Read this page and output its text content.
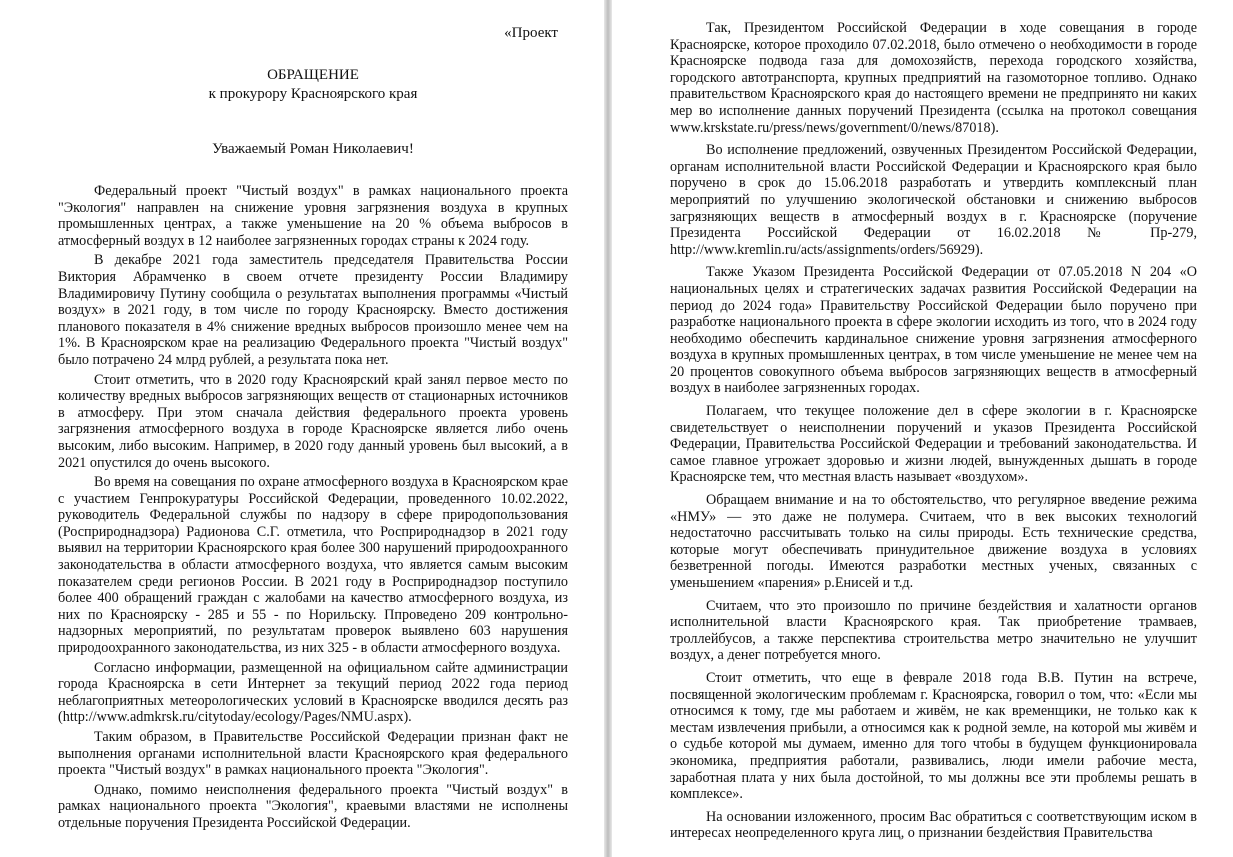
«Проект

ОБРАЩЕНИЕ

к прокурору Красноярского края

Уважаемый Роман Николаевич!

Федеральный проект "Чистый воздух" в рамках национального проекта "Экология" направлен на снижение уровня загрязнения воздуха в крупных промышленных центрах, а также уменьшение на 20 % объема выбросов в атмосферный воздух в 12 наиболее загрязненных городах страны к 2024 году.

В декабре 2021 года заместитель председателя Правительства России Виктория Абрамченко в своем отчете президенту России Владимиру Владимировичу Путину сообщила о результатах выполнения программы «Чистый воздух» в 2021 году, в том числе по городу Красноярску. Вместо достижения планового показателя в 4% снижение вредных выбросов произошло менее чем на 1%. В Красноярском крае на реализацию Федерального проекта "Чистый воздух" было потрачено 24 млрд рублей, а результата пока нет.

Стоит отметить, что в 2020 году Красноярский край занял первое место по количеству вредных выбросов загрязняющих веществ от стационарных источников в атмосферу. При этом сначала действия федерального проекта уровень загрязнения атмосферного воздуха в городе Красноярске является либо очень высоким, либо высоким. Например, в 2020 году данный уровень был высокий, а в 2021 опустился до очень высокого.

Во время на совещания по охране атмосферного воздуха в Красноярском крае с участием Генпрокуратуры Российской Федерации, проведенного 10.02.2022, руководитель Федеральной службы по надзору в сфере природопользования (Росприроднадзора) Радионова С.Г. отметила, что Росприроднадзор в 2021 году выявил на территории Красноярского края более 300 нарушений природоохранного законодательства в области атмосферного воздуха, что является самым высоким показателем среди регионов России. В 2021 году в Росприроднадзор поступило более 400 обращений граждан с жалобами на качество атмосферного воздуха, из них по Красноярску - 285 и 55 - по Норильску. Ппроведено 209 контрольно-надзорных мероприятий, по результатам проверок выявлено 603 нарушения природоохранного законодательства, из них 325 - в области атмосферного воздуха.

Согласно информации, размещенной на официальном сайте администрации города Красноярска в сети Интернет за текущий период 2022 года период неблагоприятных метеорологических условий в Красноярске вводился десять раз (http://www.admkrsk.ru/citytoday/ecology/Pages/NMU.aspx).

Таким образом, в Правительстве Российской Федерации признан факт не выполнения органами исполнительной власти Красноярского края федерального проекта "Чистый воздух" в рамках национального проекта "Экология".

Однако, помимо неисполнения федерального проекта "Чистый воздух" в рамках национального проекта "Экология", краевыми властями не исполнены отдельные поручения Президента Российской Федерации.

Так, Президентом Российской Федерации в ходе совещания в городе Красноярске, которое проходило 07.02.2018, было отмечено о необходимости в городе Красноярске подвода газа для домохозяйств, перехода городского хозяйства, городского автотранспорта, крупных предприятий на газомоторное топливо. Однако правительством Красноярского края до настоящего времени не предпринято ни каких мер во исполнение данных поручений Президента (ссылка на протокол совещания www.krskstate.ru/press/news/government/0/news/87018).

Во исполнение предложений, озвученных Президентом Российской Федерации, органам исполнительной власти Российской Федерации и Красноярского края было поручено в срок до 15.06.2018 разработать и утвердить комплексный план мероприятий по улучшению экологической обстановки и снижению выбросов загрязняющих веществ в атмосферный воздух в г. Красноярске (поручение Президента Российской Федерации от 16.02.2018 № Пр-279, http://www.kremlin.ru/acts/assignments/orders/56929).

Также Указом Президента Российской Федерации от 07.05.2018 N 204 «О национальных целях и стратегических задачах развития Российской Федерации на период до 2024 года» Правительству Российской Федерации было поручено при разработке национального проекта в сфере экологии исходить из того, что в 2024 году необходимо обеспечить кардинальное снижение уровня загрязнения атмосферного воздуха в крупных промышленных центрах, в том числе уменьшение не менее чем на 20 процентов совокупного объема выбросов загрязняющих веществ в атмосферный воздух в наиболее загрязненных городах.

Полагаем, что текущее положение дел в сфере экологии в г. Красноярске свидетельствует о неисполнении поручений и указов Президента Российской Федерации, Правительства Российской Федерации и требований законодательства. И самое главное угрожает здоровью и жизни людей, вынужденных дышать в городе Красноярске тем, что местная власть называет «воздухом».

Обращаем внимание и на то обстоятельство, что регулярное введение режима «НМУ» — это даже не полумера. Считаем, что в век высоких технологий недостаточно рассчитывать только на силы природы. Есть технические средства, которые могут обеспечивать принудительное движение воздуха в условиях безветренной погоды. Имеются разработки местных ученых, связанных с уменьшением «парения» р.Енисей и т.д.

Считаем, что это произошло по причине бездействия и халатности органов исполнительной власти Красноярского края. Так приобретение трамваев, троллейбусов, а также перспектива строительства метро значительно не улучшит воздух, а денег потребуется много.

Стоит отметить, что еще в феврале 2018 года В.В. Путин на встрече, посвященной экологическим проблемам г. Красноярска, говорил о том, что: «Если мы относимся к тому, где мы работаем и живём, не как временщики, не только как к местам извлечения прибыли, а относимся как к родной земле, на которой мы живём и о судьбе которой мы думаем, именно для того чтобы в будущем функционировала экономика, предприятия работали, развивались, люди имели рабочие места, заработная плата у них была достойной, то мы должны все эти проблемы решать в комплексе».

На основании изложенного, просим Вас обратиться с соответствующим иском в интересах неопределенного круга лиц, о признании бездействия Правительства
